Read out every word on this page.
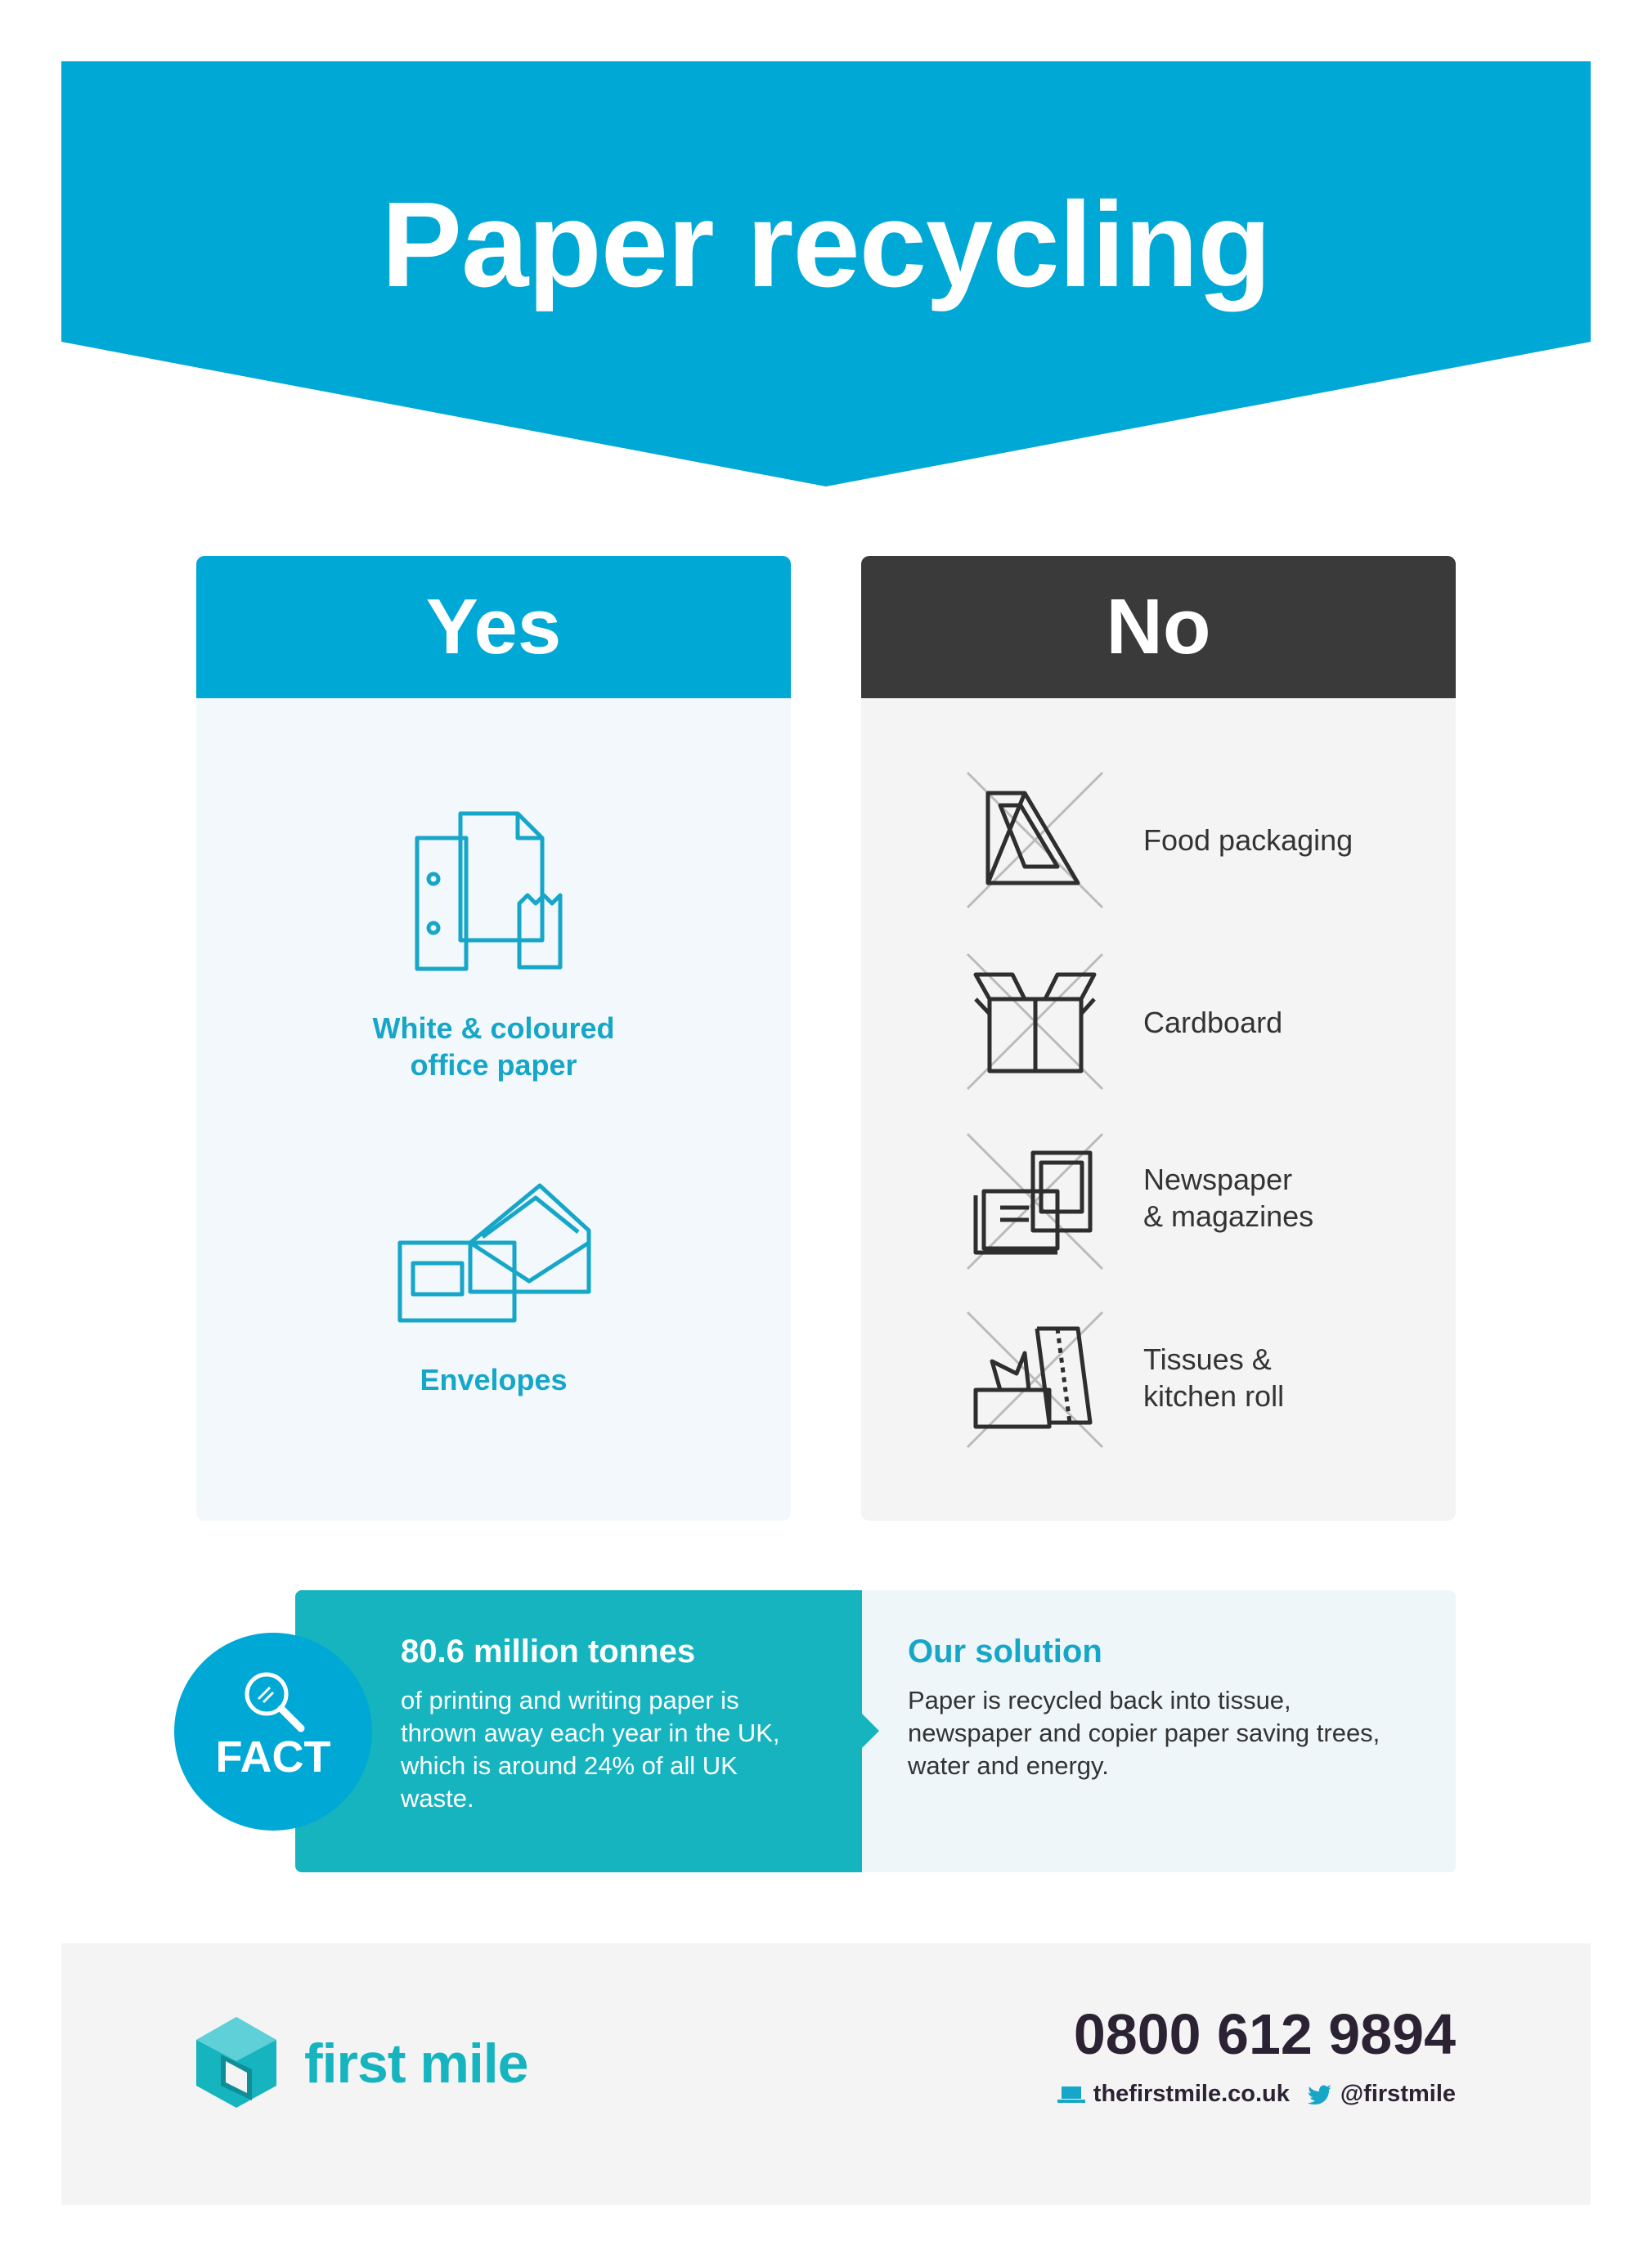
Paper recycling
Yes
White & coloured
office paper
Envelopes
No
Food packaging
Cardboard
Newspaper
& magazines
Tissues &
kitchen roll
FACT
80.6 million tonnes
of printing and writing paper is thrown away each year in the UK, which is around 24% of all UK waste.
Our solution
Paper is recycled back into tissue, newspaper and copier paper saving trees, water and energy.
first mile	0800 612 9894
thefirstmile.co.uk @firstmile
